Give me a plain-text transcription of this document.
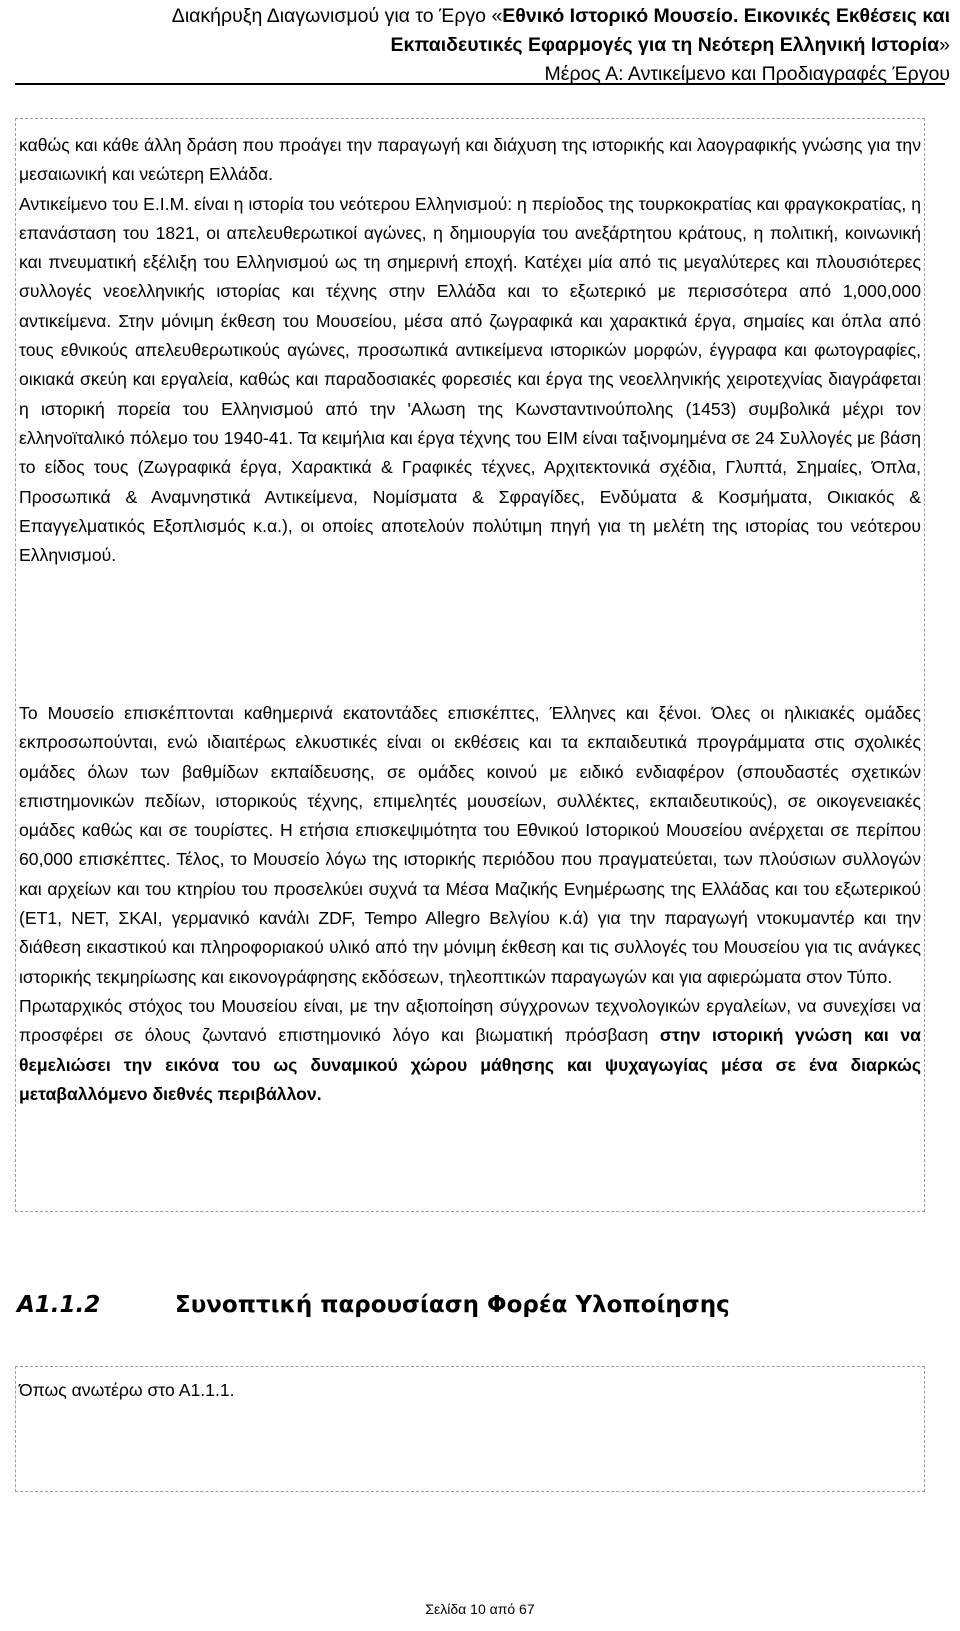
Διακήρυξη Διαγωνισμού για το Έργο «Εθνικό Ιστορικό Μουσείο. Εικονικές Εκθέσεις και
Εκπαιδευτικές Εφαρμογές για τη Νεότερη Ελληνική Ιστορία»
Μέρος Α: Αντικείμενο και Προδιαγραφές Έργου

καθώς και κάθε άλλη δράση που προάγει την παραγωγή και διάχυση της ιστορικής και λαογραφικής γνώσης για την μεσαιωνική και νεώτερη Ελλάδα.

Αντικείμενο του Ε.Ι.Μ. είναι η ιστορία του νεότερου Ελληνισμού: η περίοδος της τουρκοκρατίας και φραγκοκρατίας, η επανάσταση του 1821, οι απελευθερωτικοί αγώνες, η δημιουργία του ανεξάρτητου κράτους, η πολιτική, κοινωνική και πνευματική εξέλιξη του Ελληνισμού ως τη σημερινή εποχή. Κατέχει μία από τις μεγαλύτερες και πλουσιότερες συλλογές νεοελληνικής ιστορίας και τέχνης στην Ελλάδα και το εξωτερικό με περισσότερα από 1,000,000 αντικείμενα. Στην μόνιμη έκθεση του Μουσείου, μέσα από ζωγραφικά και χαρακτικά έργα, σημαίες και όπλα από τους εθνικούς απελευθερωτικούς αγώνες, προσωπικά αντικείμενα ιστορικών μορφών, έγγραφα και φωτογραφίες, οικιακά σκεύη και εργαλεία, καθώς και παραδοσιακές φορεσιές και έργα της νεοελληνικής χειροτεχνίας διαγράφεται η ιστορική πορεία του Ελληνισμού από την 'Αλωση της Κωνσταντινούπολης (1453) συμβολικά μέχρι τον ελληνοϊταλικό πόλεμο του 1940-41. Τα κειμήλια και έργα τέχνης του ΕΙΜ είναι ταξινομημένα σε 24 Συλλογές με βάση το είδος τους (Ζωγραφικά έργα, Χαρακτικά & Γραφικές τέχνες, Αρχιτεκτονικά σχέδια, Γλυπτά, Σημαίες, Όπλα, Προσωπικά & Αναμνηστικά Αντικείμενα, Νομίσματα & Σφραγίδες, Ενδύματα & Κοσμήματα, Οικιακός & Επαγγελματικός Εξοπλισμός κ.α.), οι οποίες αποτελούν πολύτιμη πηγή για τη μελέτη της ιστορίας του νεότερου Ελληνισμού.

Το Μουσείο επισκέπτονται καθημερινά εκατοντάδες επισκέπτες, Έλληνες και ξένοι. Όλες οι ηλικιακές ομάδες εκπροσωπούνται, ενώ ιδιαιτέρως ελκυστικές είναι οι εκθέσεις και τα εκπαιδευτικά προγράμματα στις σχολικές ομάδες όλων των βαθμίδων εκπαίδευσης, σε ομάδες κοινού με ειδικό ενδιαφέρον (σπουδαστές σχετικών επιστημονικών πεδίων, ιστορικούς τέχνης, επιμελητές μουσείων, συλλέκτες, εκπαιδευτικούς), σε οικογενειακές ομάδες καθώς και σε τουρίστες. Η ετήσια επισκεψιμότητα του Εθνικού Ιστορικού Μουσείου ανέρχεται σε περίπου 60,000 επισκέπτες. Τέλος, το Μουσείο λόγω της ιστορικής περιόδου που πραγματεύεται, των πλούσιων συλλογών και αρχείων και του κτηρίου του προσελκύει συχνά τα Μέσα Μαζικής Ενημέρωσης της Ελλάδας και του εξωτερικού (ΕΤ1, ΝΕΤ, ΣΚΑΙ, γερμανικό κανάλι ZDF, Tempo Allegro Βελγίου κ.ά) για την παραγωγή ντοκυμαντέρ και την διάθεση εικαστικού και πληροφοριακού υλικό από την μόνιμη έκθεση και τις συλλογές του Μουσείου για τις ανάγκες ιστορικής τεκμηρίωσης και εικονογράφησης εκδόσεων, τηλεοπτικών παραγωγών και για αφιερώματα στον Τύπο.

Πρωταρχικός στόχος του Μουσείου είναι, με την αξιοποίηση σύγχρονων τεχνολογικών εργαλείων, να συνεχίσει να προσφέρει σε όλους ζωντανό επιστημονικό λόγο και βιωματική πρόσβαση στην ιστορική γνώση και να θεμελιώσει την εικόνα του ως δυναμικού χώρου μάθησης και ψυχαγωγίας μέσα σε ένα διαρκώς μεταβαλλόμενο διεθνές περιβάλλον.

Α1.1.2	Συνοπτική παρουσίαση Φορέα Υλοποίησης

Όπως ανωτέρω στο Α1.1.1.

Σελίδα 10 από 67
